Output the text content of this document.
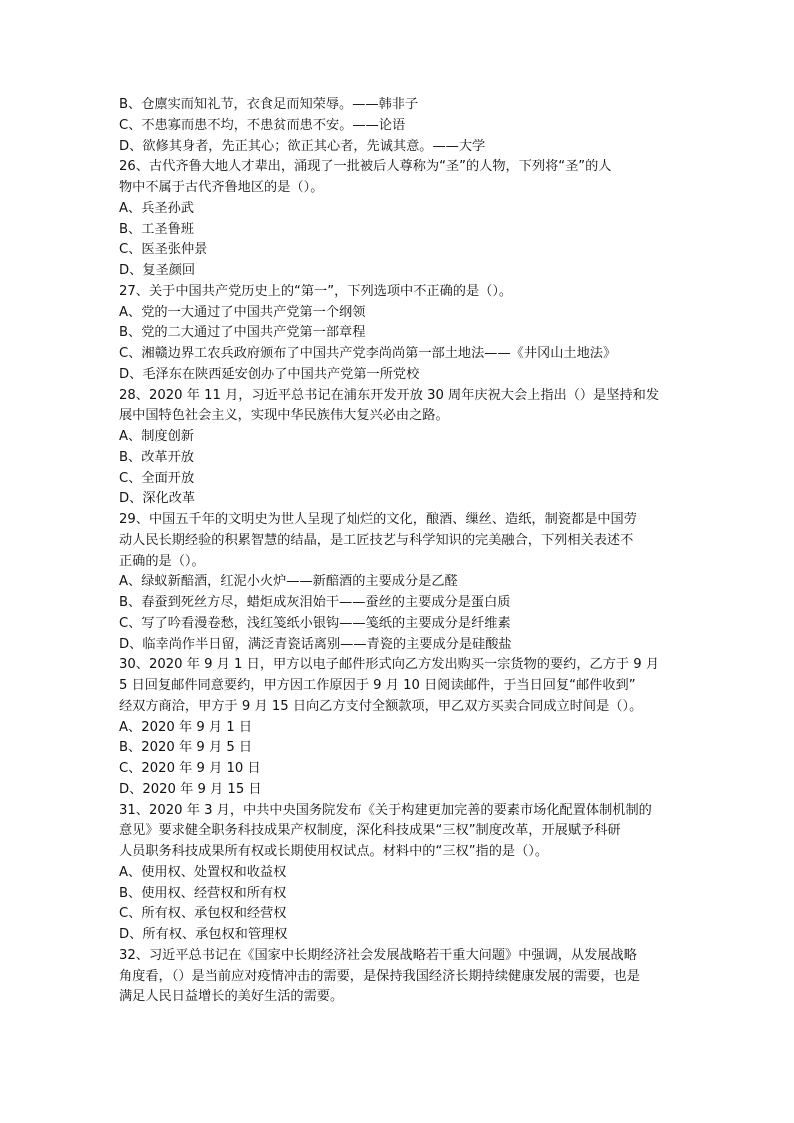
B、仓廪实而知礼节，衣食足而知荣辱。——韩非子
C、不患寡而患不均，不患贫而患不安。——论语
D、欲修其身者，先正其心；欲正其心者，先诚其意。——大学
26、古代齐鲁大地人才辈出，涌现了一批被后人尊称为“圣”的人物，下列将“圣”的人
物中不属于古代齐鲁地区的是（）。
A、兵圣孙武
B、工圣鲁班
C、医圣张仲景
D、复圣颜回
27、关于中国共产党历史上的“第一”，下列选项中不正确的是（）。
A、党的一大通过了中国共产党第一个纲领
B、党的二大通过了中国共产党第一部章程
C、湘赣边界工农兵政府颁布了中国共产党李尚尚第一部土地法——《井冈山土地法》
D、毛泽东在陕西延安创办了中国共产党第一所党校
28、2020 年 11 月，习近平总书记在浦东开发开放 30 周年庆祝大会上指出（）是坚持和发
展中国特色社会主义，实现中华民族伟大复兴必由之路。
A、制度创新
B、改革开放
C、全面开放
D、深化改革
29、中国五千年的文明史为世人呈现了灿烂的文化，酿酒、缫丝、造纸，制瓷都是中国劳
动人民长期经验的积累智慧的结晶，是工匠技艺与科学知识的完美融合，下列相关表述不
正确的是（）。
A、绿蚁新醅酒，红泥小火炉——新醅酒的主要成分是乙醛
B、春蚕到死丝方尽，蜡炬成灰泪始干——蚕丝的主要成分是蛋白质
C、写了吟看漫卷愁，浅红笺纸小银钩——笺纸的主要成分是纤维素
D、临幸尚作半日留，满泛青瓷话离别——青瓷的主要成分是硅酸盐
30、2020 年 9 月 1 日，甲方以电子邮件形式向乙方发出购买一宗货物的要约，乙方于 9 月
5 日回复邮件同意要约，甲方因工作原因于 9 月 10 日阅读邮件，于当日回复“邮件收到”
经双方商洽，甲方于 9 月 15 日向乙方支付全额款项，甲乙双方买卖合同成立时间是（）。
A、2020 年 9 月 1 日
B、2020 年 9 月 5 日
C、2020 年 9 月 10 日
D、2020 年 9 月 15 日
31、2020 年 3 月，中共中央国务院发布《关于构建更加完善的要素市场化配置体制机制的
意见》要求健全职务科技成果产权制度，深化科技成果“三权”制度改革，开展赋予科研
人员职务科技成果所有权或长期使用权试点。材料中的“三权”指的是（）。
A、使用权、处置权和收益权
B、使用权、经营权和所有权
C、所有权、承包权和经营权
D、所有权、承包权和管理权
32、习近平总书记在《国家中长期经济社会发展战略若干重大问题》中强调，从发展战略
角度看，（）是当前应对疫情冲击的需要，是保持我国经济长期持续健康发展的需要，也是
满足人民日益增长的美好生活的需要。
